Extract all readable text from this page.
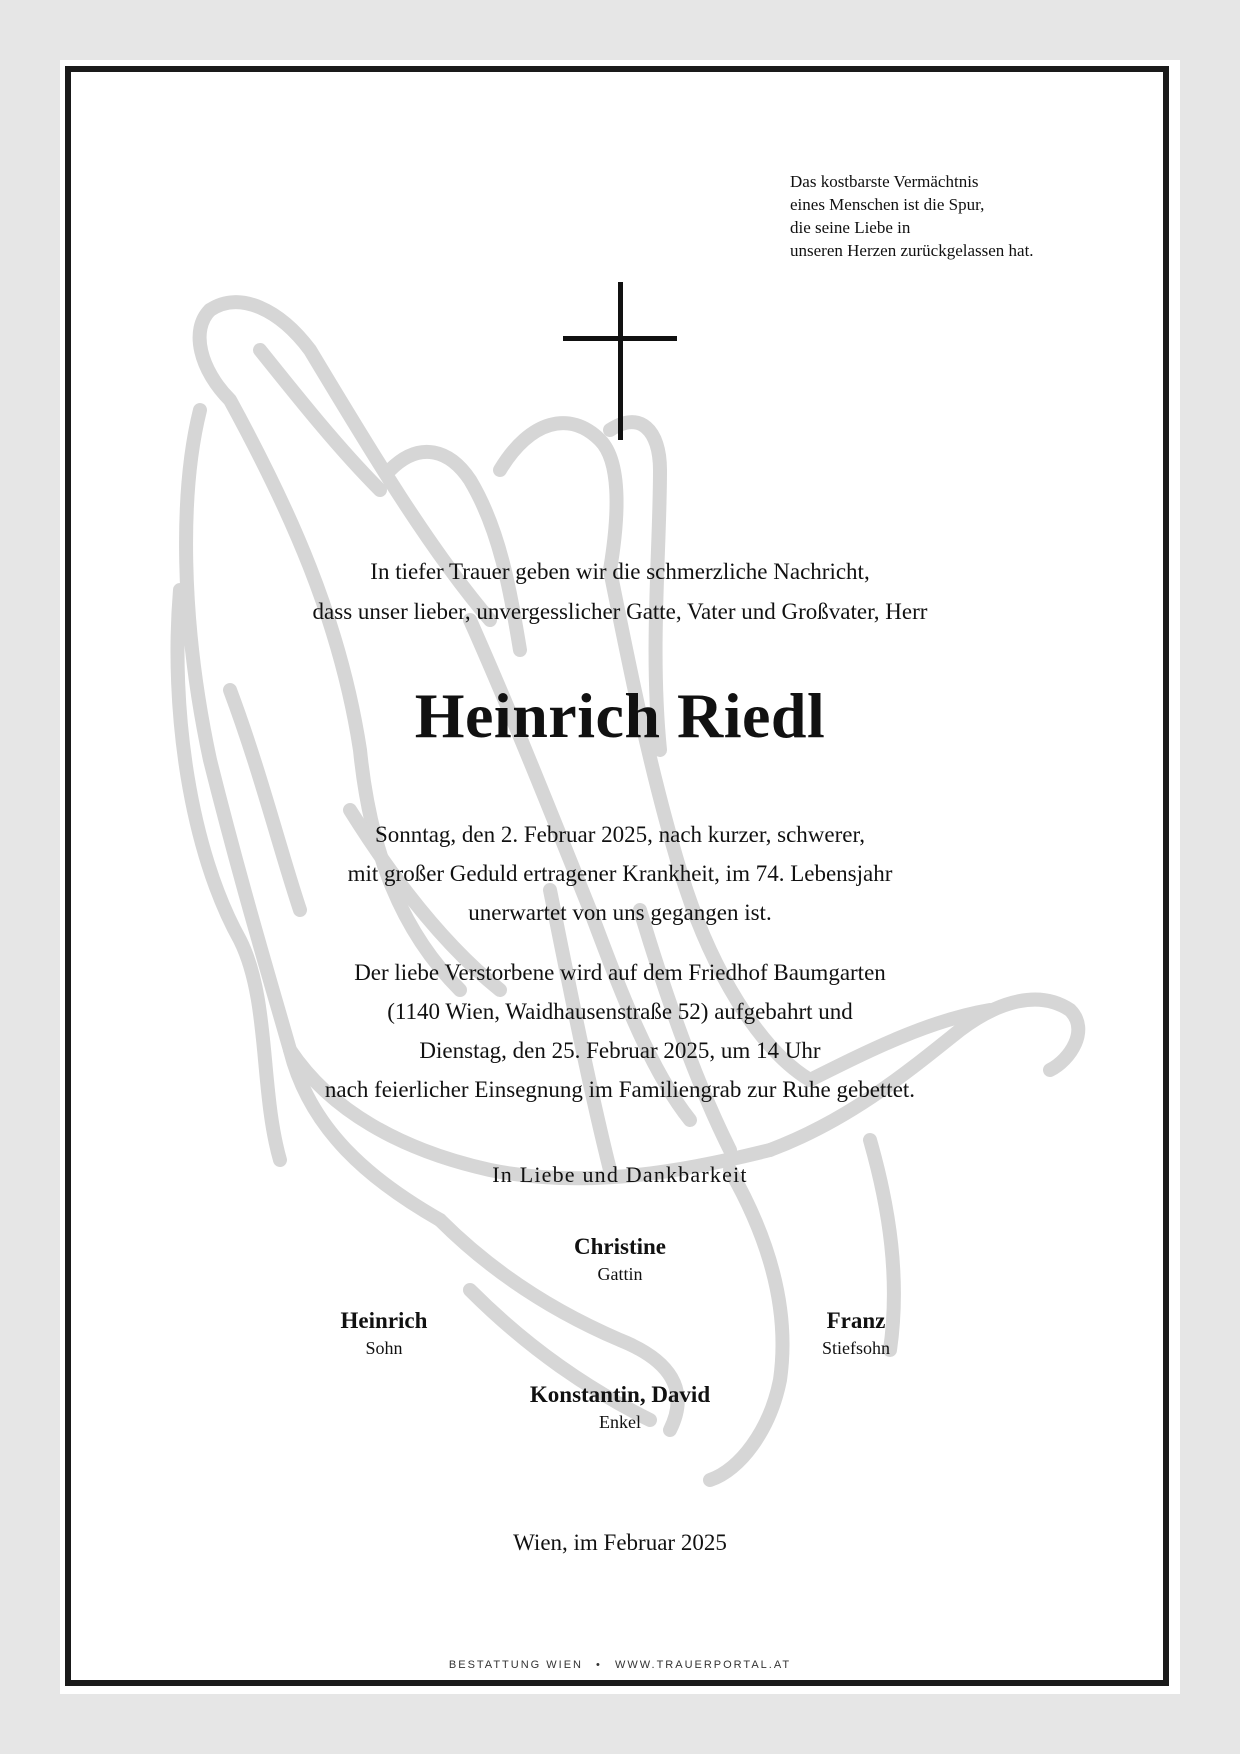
Das kostbarste Vermächtnis
eines Menschen ist die Spur,
die seine Liebe in
unseren Herzen zurückgelassen hat.
In tiefer Trauer geben wir die schmerzliche Nachricht,
dass unser lieber, unvergesslicher Gatte, Vater und Großvater, Herr
Heinrich Riedl
Sonntag, den 2. Februar 2025, nach kurzer, schwerer,
mit großer Geduld ertragener Krankheit, im 74. Lebensjahr
unerwartet von uns gegangen ist.
Der liebe Verstorbene wird auf dem Friedhof Baumgarten
(1140 Wien, Waidhausenstraße 52) aufgebahrt und
Dienstag, den 25. Februar 2025, um 14 Uhr
nach feierlicher Einsegnung im Familiengrab zur Ruhe gebettet.
In Liebe und Dankbarkeit
Christine
Gattin
Heinrich
Sohn
Franz
Stiefsohn
Konstantin, David
Enkel
Wien, im Februar 2025
BESTATTUNG WIEN • WWW.TRAUERPORTAL.AT
